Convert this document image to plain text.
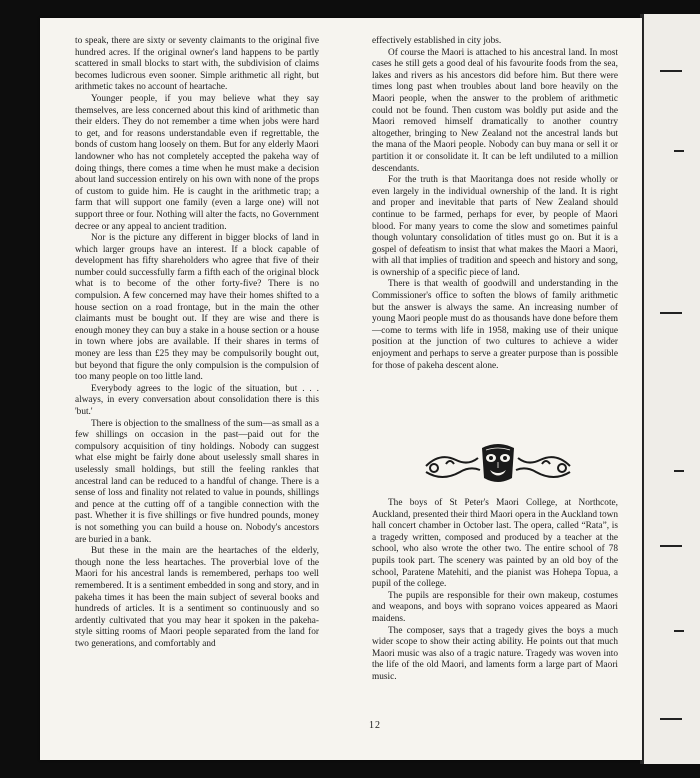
to speak, there are sixty or seventy claimants to the original five hundred acres. If the original owner's land happens to be partly scattered in small blocks to start with, the subdivision of claims becomes ludicrous even sooner. Simple arithmetic all right, but arithmetic takes no account of heartache.

Younger people, if you may believe what they say themselves, are less concerned about this kind of arithmetic than their elders. They do not remember a time when jobs were hard to get, and for reasons understandable even if regrettable, the bonds of custom hang loosely on them. But for any elderly Maori landowner who has not completely accepted the pakeha way of doing things, there comes a time when he must make a decision about land succession entirely on his own with none of the props of custom to guide him. He is caught in the arithmetic trap; a farm that will support one family (even a large one) will not support three or four. Nothing will alter the facts, no Government decree or any appeal to ancient tradition.

Nor is the picture any different in bigger blocks of land in which larger groups have an interest. If a block capable of development has fifty shareholders who agree that five of their number could successfully farm a fifth each of the original block what is to become of the other forty-five? There is no compulsion. A few concerned may have their homes shifted to a house section on a road frontage, but in the main the other claimants must be bought out. If they are wise and there is enough money they can buy a stake in a house section or a house in town where jobs are available. If their shares in terms of money are less than £25 they may be compulsorily bought out, but beyond that figure the only compulsion is the compulsion of too many people on too little land.

Everybody agrees to the logic of the situation, but . . . always, in every conversation about consolidation there is this 'but.'

There is objection to the smallness of the sum—as small as a few shillings on occasion in the past—paid out for the compulsory acquisition of tiny holdings. Nobody can suggest what else might be fairly done about uselessly small shares in uselessly small holdings, but still the feeling rankles that ancestral land can be reduced to a handful of change. There is a sense of loss and finality not related to value in pounds, shillings and pence at the cutting off of a tangible connection with the past. Whether it is five shillings or five hundred pounds, money is not something you can build a house on. Nobody's ancestors are buried in a bank.

But these in the main are the heartaches of the elderly, though none the less heartaches. The proverbial love of the Maori for his ancestral lands is remembered, perhaps too well remembered. It is a sentiment embedded in song and story, and in pakeha times it has been the main subject of several books and hundreds of articles. It is a sentiment so continuously and so ardently cultivated that you may hear it spoken in the pakeha-style sitting rooms of Maori people separated from the land for two generations, and comfortably and

effectively established in city jobs.

Of course the Maori is attached to his ancestral land. In most cases he still gets a good deal of his favourite foods from the sea, lakes and rivers as his ancestors did before him. But there were times long past when troubles about land bore heavily on the Maori people, when the answer to the problem of arithmetic could not be found. Then custom was boldly put aside and the Maori removed himself dramatically to another country altogether, bringing to New Zealand not the ancestral lands but the mana of the Maori people. Nobody can buy mana or sell it or partition it or consolidate it. It can be left undiluted to a million descendants.

For the truth is that Maoritanga does not reside wholly or even largely in the individual ownership of the land. It is right and proper and inevitable that parts of New Zealand should continue to be farmed, perhaps for ever, by people of Maori blood. For many years to come the slow and sometimes painful though voluntary consolidation of titles must go on. But it is a gospel of defeatism to insist that what makes the Maori a Maori, with all that implies of tradition and speech and history and song, is ownership of a specific piece of land.

There is that wealth of goodwill and understanding in the Commissioner's office to soften the blows of family arithmetic but the answer is always the same. An increasing number of young Maori people must do as thousands have done before them—come to terms with life in 1958, making use of their unique position at the junction of two cultures to achieve a wider enjoyment and perhaps to serve a greater purpose than is possible for those of pakeha descent alone.

The boys of St Peter's Maori College, at Northcote, Auckland, presented their third Maori opera in the Auckland town hall concert chamber in October last. The opera, called “Rata”, is a tragedy written, composed and produced by a teacher at the school, who also wrote the other two. The entire school of 78 pupils took part. The scenery was painted by an old boy of the school, Paratene Matehiti, and the pianist was Hohepa Topua, a pupil of the college.

The pupils are responsible for their own makeup, costumes and weapons, and boys with soprano voices appeared as Maori maidens.

The composer, says that a tragedy gives the boys a much wider scope to show their acting ability. He points out that much Maori music was also of a tragic nature. Tragedy was woven into the life of the old Maori, and laments form a large part of Maori music.

12
